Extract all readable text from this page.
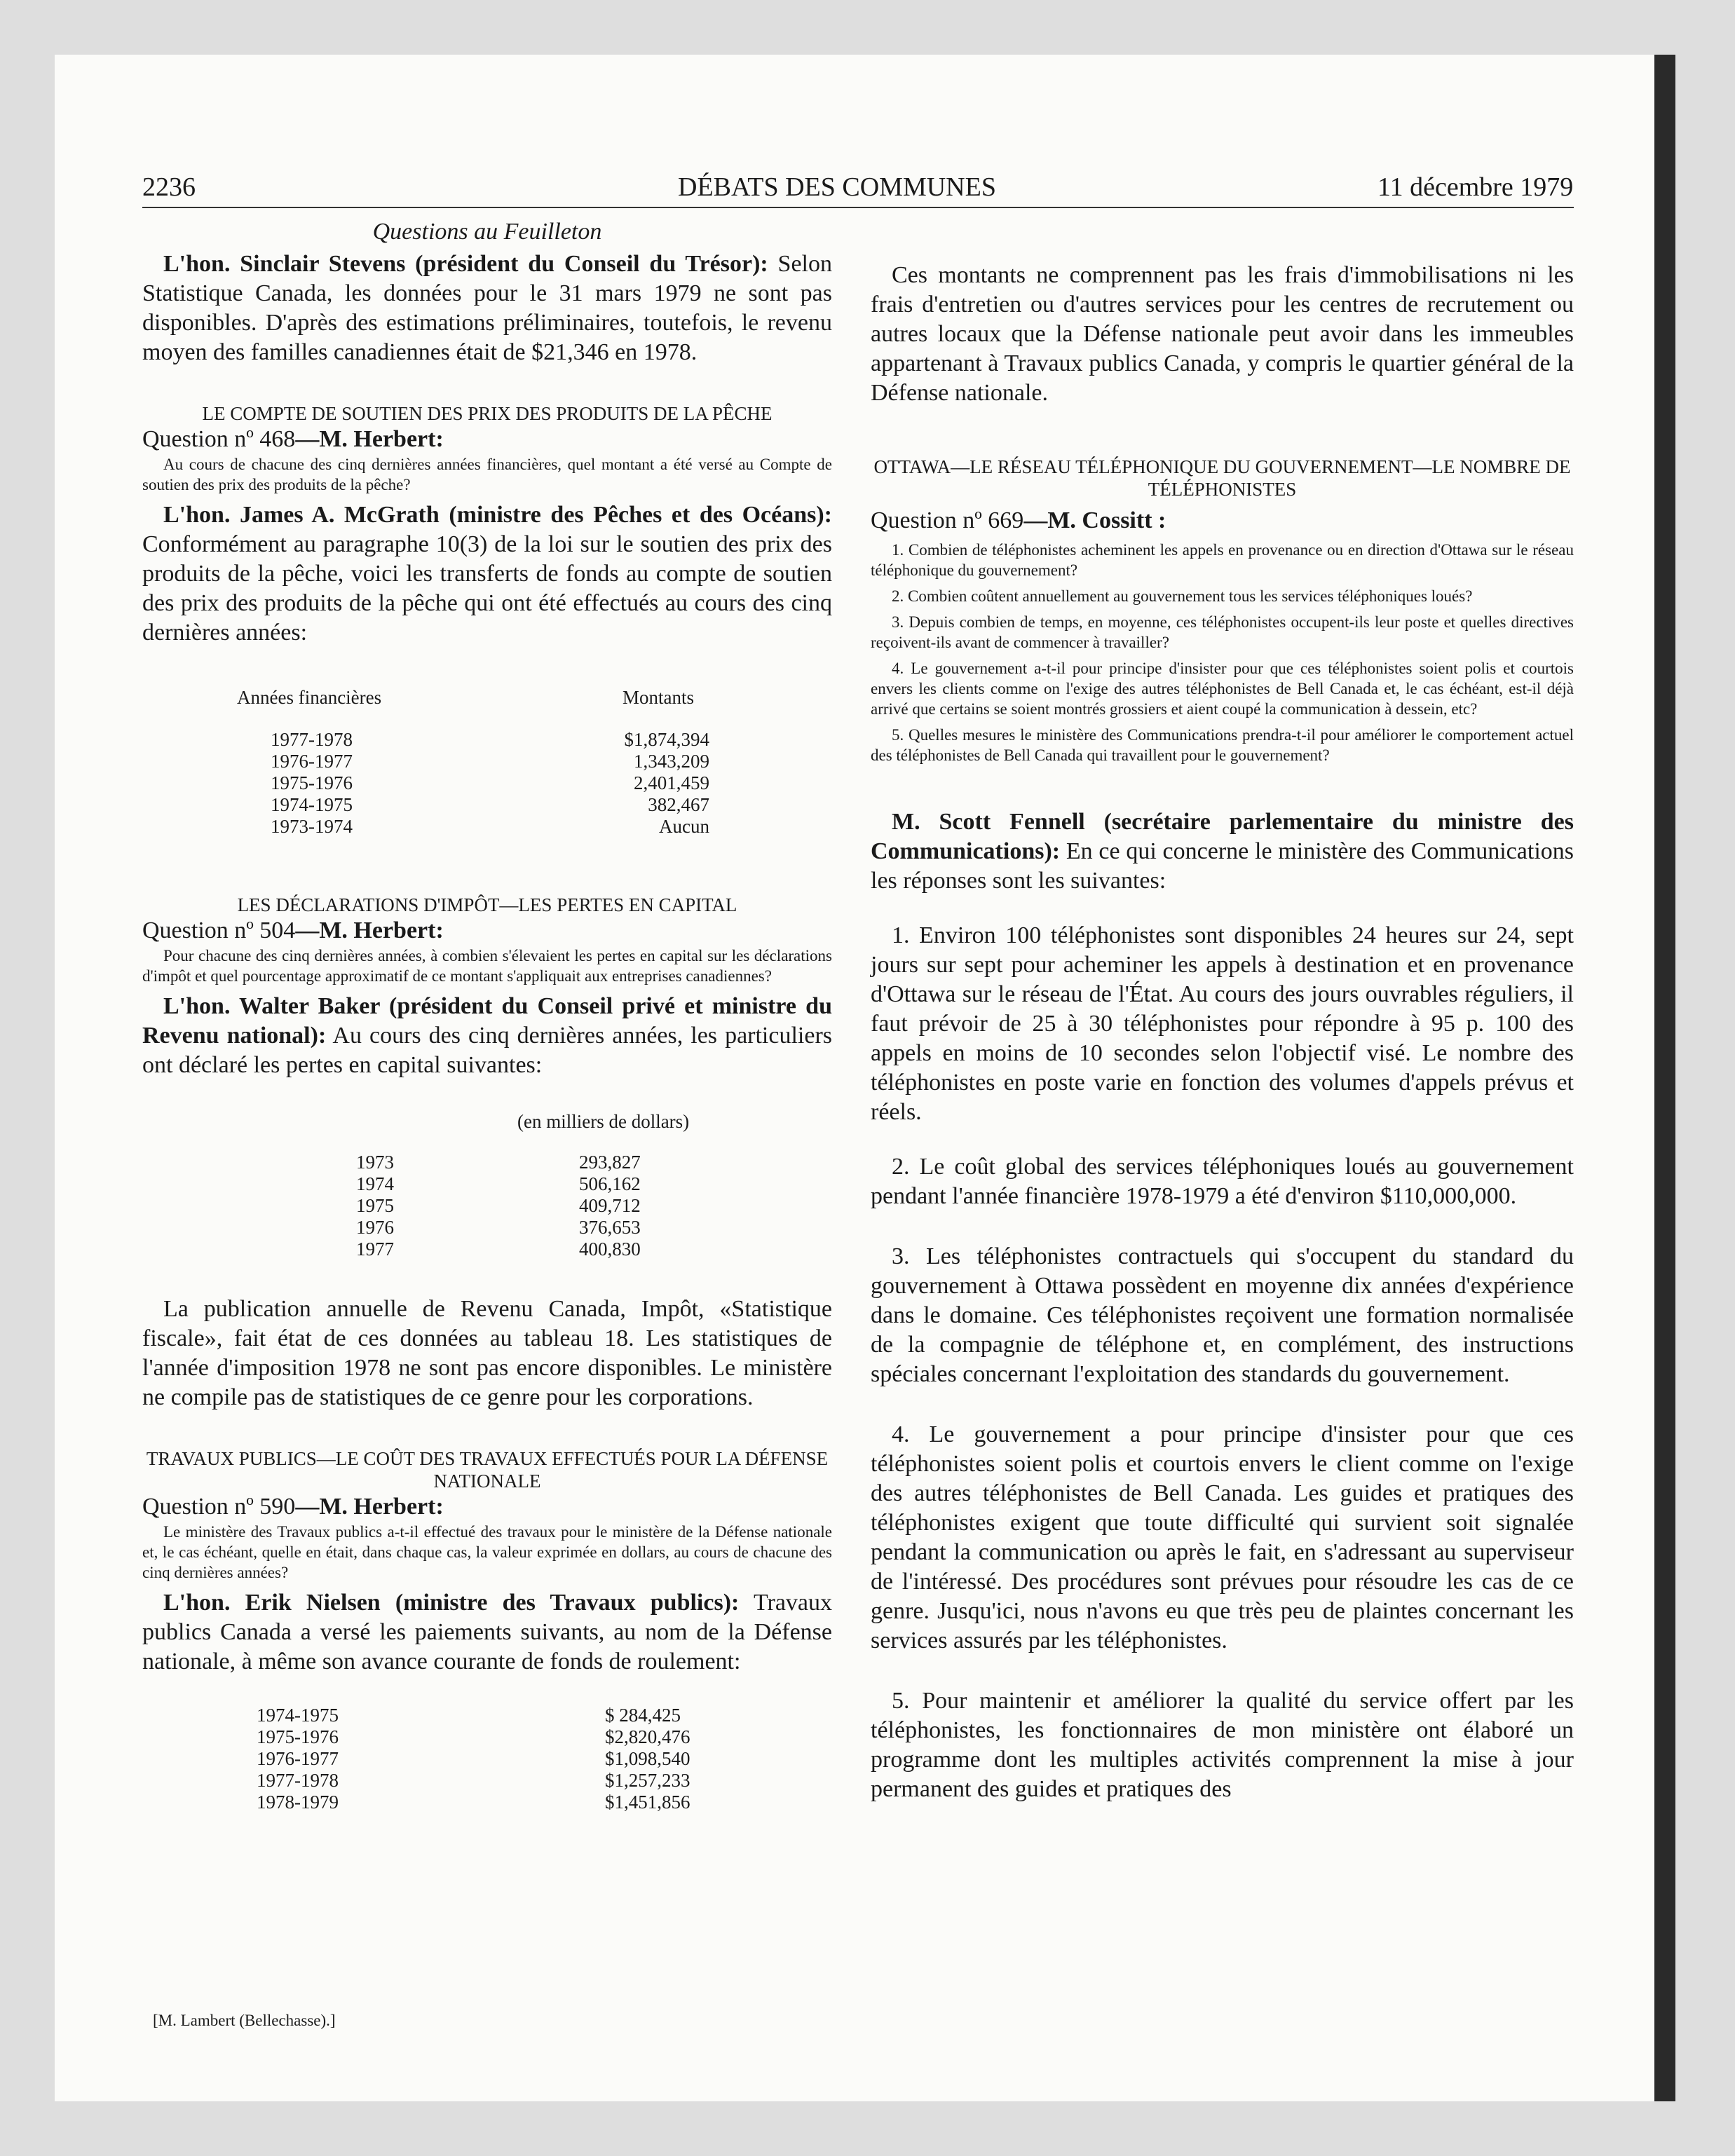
2236	DÉBATS DES COMMUNES	11 décembre 1979

Questions au Feuilleton

L'hon. Sinclair Stevens (président du Conseil du Trésor): Selon Statistique Canada, les données pour le 31 mars 1979 ne sont pas disponibles. D'après des estimations préliminaires, toutefois, le revenu moyen des familles canadiennes était de $21,346 en 1978.

LE COMPTE DE SOUTIEN DES PRIX DES PRODUITS DE LA PÊCHE

Question nº 468—M. Herbert:

Au cours de chacune des cinq dernières années financières, quel montant a été versé au Compte de soutien des prix des produits de la pêche?

L'hon. James A. McGrath (ministre des Pêches et des Océans): Conformément au paragraphe 10(3) de la loi sur le soutien des prix des produits de la pêche, voici les transferts de fonds au compte de soutien des prix des produits de la pêche qui ont été effectués au cours des cinq dernières années:

Années financières	Montants
1977-1978	$1,874,394
1976-1977	1,343,209
1975-1976	2,401,459
1974-1975	382,467
1973-1974	Aucun

LES DÉCLARATIONS D'IMPÔT—LES PERTES EN CAPITAL

Question nº 504—M. Herbert:

Pour chacune des cinq dernières années, à combien s'élevaient les pertes en capital sur les déclarations d'impôt et quel pourcentage approximatif de ce montant s'appliquait aux entreprises canadiennes?

L'hon. Walter Baker (président du Conseil privé et ministre du Revenu national): Au cours des cinq dernières années, les particuliers ont déclaré les pertes en capital suivantes:

(en milliers de dollars)
1973	293,827
1974	506,162
1975	409,712
1976	376,653
1977	400,830

La publication annuelle de Revenu Canada, Impôt, «Statistique fiscale», fait état de ces données au tableau 18. Les statistiques de l'année d'imposition 1978 ne sont pas encore disponibles. Le ministère ne compile pas de statistiques de ce genre pour les corporations.

TRAVAUX PUBLICS—LE COÛT DES TRAVAUX EFFECTUÉS POUR LA DÉFENSE NATIONALE

Question nº 590—M. Herbert:

Le ministère des Travaux publics a-t-il effectué des travaux pour le ministère de la Défense nationale et, le cas échéant, quelle en était, dans chaque cas, la valeur exprimée en dollars, au cours de chacune des cinq dernières années?

L'hon. Erik Nielsen (ministre des Travaux publics): Travaux publics Canada a versé les paiements suivants, au nom de la Défense nationale, à même son avance courante de fonds de roulement:

1974-1975	$ 284,425
1975-1976	$2,820,476
1976-1977	$1,098,540
1977-1978	$1,257,233
1978-1979	$1,451,856
[M. Lambert (Bellechasse).]

Ces montants ne comprennent pas les frais d'immobilisations ni les frais d'entretien ou d'autres services pour les centres de recrutement ou autres locaux que la Défense nationale peut avoir dans les immeubles appartenant à Travaux publics Canada, y compris le quartier général de la Défense nationale.

OTTAWA—LE RÉSEAU TÉLÉPHONIQUE DU GOUVERNEMENT—LE NOMBRE DE TÉLÉPHONISTES

Question nº 669—M. Cossitt :

1. Combien de téléphonistes acheminent les appels en provenance ou en direction d'Ottawa sur le réseau téléphonique du gouvernement?

2. Combien coûtent annuellement au gouvernement tous les services téléphoniques loués?

3. Depuis combien de temps, en moyenne, ces téléphonistes occupent-ils leur poste et quelles directives reçoivent-ils avant de commencer à travailler?

4. Le gouvernement a-t-il pour principe d'insister pour que ces téléphonistes soient polis et courtois envers les clients comme on l'exige des autres téléphonistes de Bell Canada et, le cas échéant, est-il déjà arrivé que certains se soient montrés grossiers et aient coupé la communication à dessein, etc?

5. Quelles mesures le ministère des Communications prendra-t-il pour améliorer le comportement actuel des téléphonistes de Bell Canada qui travaillent pour le gouvernement?

M. Scott Fennell (secrétaire parlementaire du ministre des Communications): En ce qui concerne le ministère des Communications les réponses sont les suivantes:

1. Environ 100 téléphonistes sont disponibles 24 heures sur 24, sept jours sur sept pour acheminer les appels à destination et en provenance d'Ottawa sur le réseau de l'État. Au cours des jours ouvrables réguliers, il faut prévoir de 25 à 30 téléphonistes pour répondre à 95 p. 100 des appels en moins de 10 secondes selon l'objectif visé. Le nombre des téléphonistes en poste varie en fonction des volumes d'appels prévus et réels.

2. Le coût global des services téléphoniques loués au gouvernement pendant l'année financière 1978-1979 a été d'environ $110,000,000.

3. Les téléphonistes contractuels qui s'occupent du standard du gouvernement à Ottawa possèdent en moyenne dix années d'expérience dans le domaine. Ces téléphonistes reçoivent une formation normalisée de la compagnie de téléphone et, en complément, des instructions spéciales concernant l'exploitation des standards du gouvernement.

4. Le gouvernement a pour principe d'insister pour que ces téléphonistes soient polis et courtois envers le client comme on l'exige des autres téléphonistes de Bell Canada. Les guides et pratiques des téléphonistes exigent que toute difficulté qui survient soit signalée pendant la communication ou après le fait, en s'adressant au superviseur de l'intéressé. Des procédures sont prévues pour résoudre les cas de ce genre. Jusqu'ici, nous n'avons eu que très peu de plaintes concernant les services assurés par les téléphonistes.

5. Pour maintenir et améliorer la qualité du service offert par les téléphonistes, les fonctionnaires de mon ministère ont élaboré un programme dont les multiples activités comprennent la mise à jour permanent des guides et pratiques des
